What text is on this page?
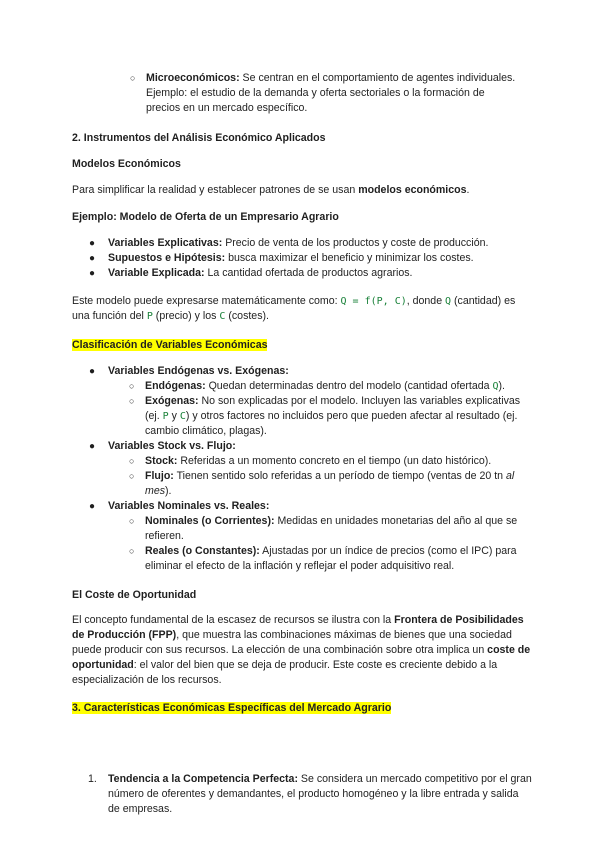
○ Microeconómicos: Se centran en el comportamiento de agentes individuales. Ejemplo: el estudio de la demanda y oferta sectoriales o la formación de precios en un mercado específico.

2. Instrumentos del Análisis Económico Aplicados

Modelos Económicos

Para simplificar la realidad y establecer patrones de se usan modelos económicos.

Ejemplo: Modelo de Oferta de un Empresario Agrario

● Variables Explicativas: Precio de venta de los productos y coste de producción.

● Supuestos e Hipótesis: busca maximizar el beneficio y minimizar los costes.

● Variable Explicada: La cantidad ofertada de productos agrarios.

Este modelo puede expresarse matemáticamente como: Q = f(P, C), donde Q (cantidad) es una función del P (precio) y los C (costes).

Clasificación de Variables Económicas

● Variables Endógenas vs. Exógenas:

○ Endógenas: Quedan determinadas dentro del modelo (cantidad ofertada Q).

○ Exógenas: No son explicadas por el modelo. Incluyen las variables explicativas (ej. P y C) y otros factores no incluidos pero que pueden afectar al resultado (ej. cambio climático, plagas).

● Variables Stock vs. Flujo:

○ Stock: Referidas a un momento concreto en el tiempo (un dato histórico).

○ Flujo: Tienen sentido solo referidas a un período de tiempo (ventas de 20 tn al mes).

● Variables Nominales vs. Reales:

○ Nominales (o Corrientes): Medidas en unidades monetarias del año al que se refieren.

○ Reales (o Constantes): Ajustadas por un índice de precios (como el IPC) para eliminar el efecto de la inflación y reflejar el poder adquisitivo real.

El Coste de Oportunidad

El concepto fundamental de la escasez de recursos se ilustra con la Frontera de Posibilidades de Producción (FPP), que muestra las combinaciones máximas de bienes que una sociedad puede producir con sus recursos. La elección de una combinación sobre otra implica un coste de oportunidad: el valor del bien que se deja de producir. Este coste es creciente debido a la especialización de los recursos.

3. Características Económicas Específicas del Mercado Agrario

1. Tendencia a la Competencia Perfecta: Se considera un mercado competitivo por el gran número de oferentes y demandantes, el producto homogéneo y la libre entrada y salida de empresas.
